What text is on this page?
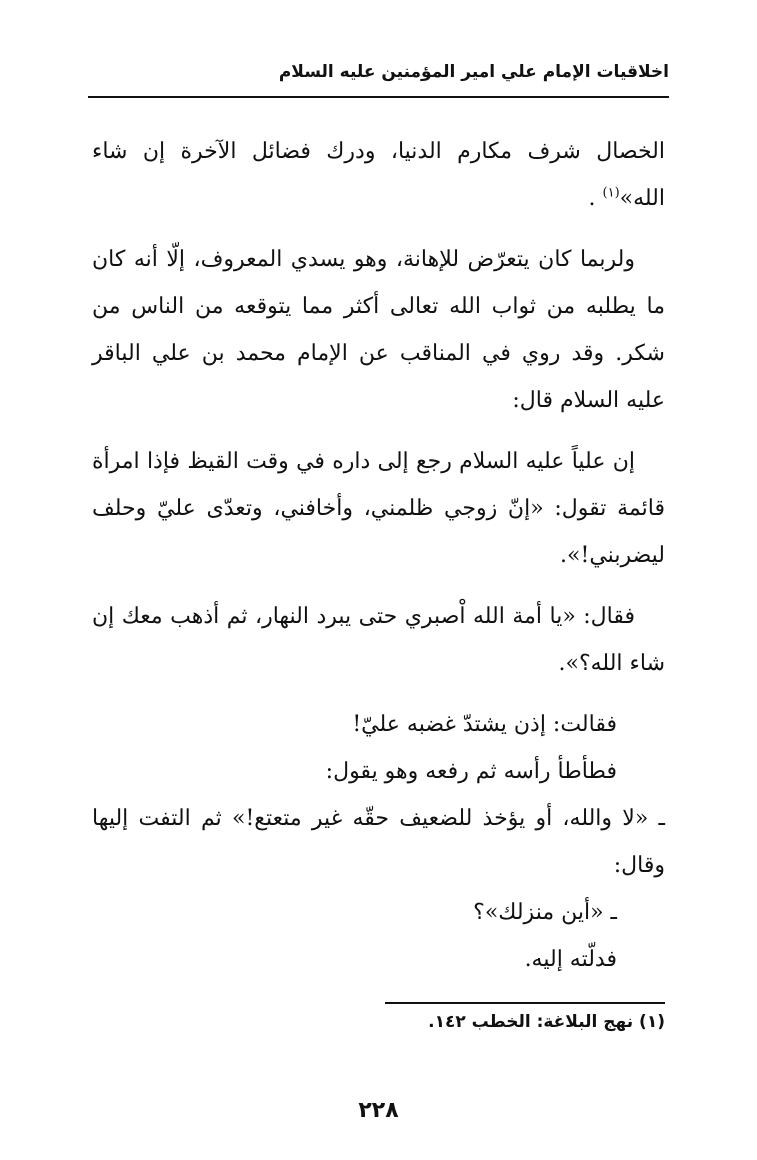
اخلاقيات الإمام علي امير المؤمنين عليه السلام

الخصال شرف مكارم الدنيا، ودرك فضائل الآخرة إن شاء الله»$^{(١)}$ .

ولربما كان يتعرّض للإهانة، وهو يسدي المعروف، إلّا أنه كان ما يطلبه من ثواب الله تعالى أكثر مما يتوقعه من الناس من شكر. وقد روي في المناقب عن الإمام محمد بن علي الباقر عليه السلام قال:

إن علياً عليه السلام رجع إلى داره في وقت القيظ فإذا امرأة قائمة تقول: «إنّ زوجي ظلمني، وأخافني، وتعدّى عليّ وحلف ليضربني!».

فقال: «يا أمة الله اْصبري حتى يبرد النهار، ثم أذهب معك إن شاء الله؟».

فقالت: إذن يشتدّ غضبه عليّ!

فطأطأ رأسه ثم رفعه وهو يقول:

ـ «لا والله، أو يؤخذ للضعيف حقّه غير متعتع!» ثم التفت إليها وقال:

ـ «أين منزلك»؟

فدلّته إليه.

(١) نهج البلاغة: الخطب ١٤٢.
٢٢٨
